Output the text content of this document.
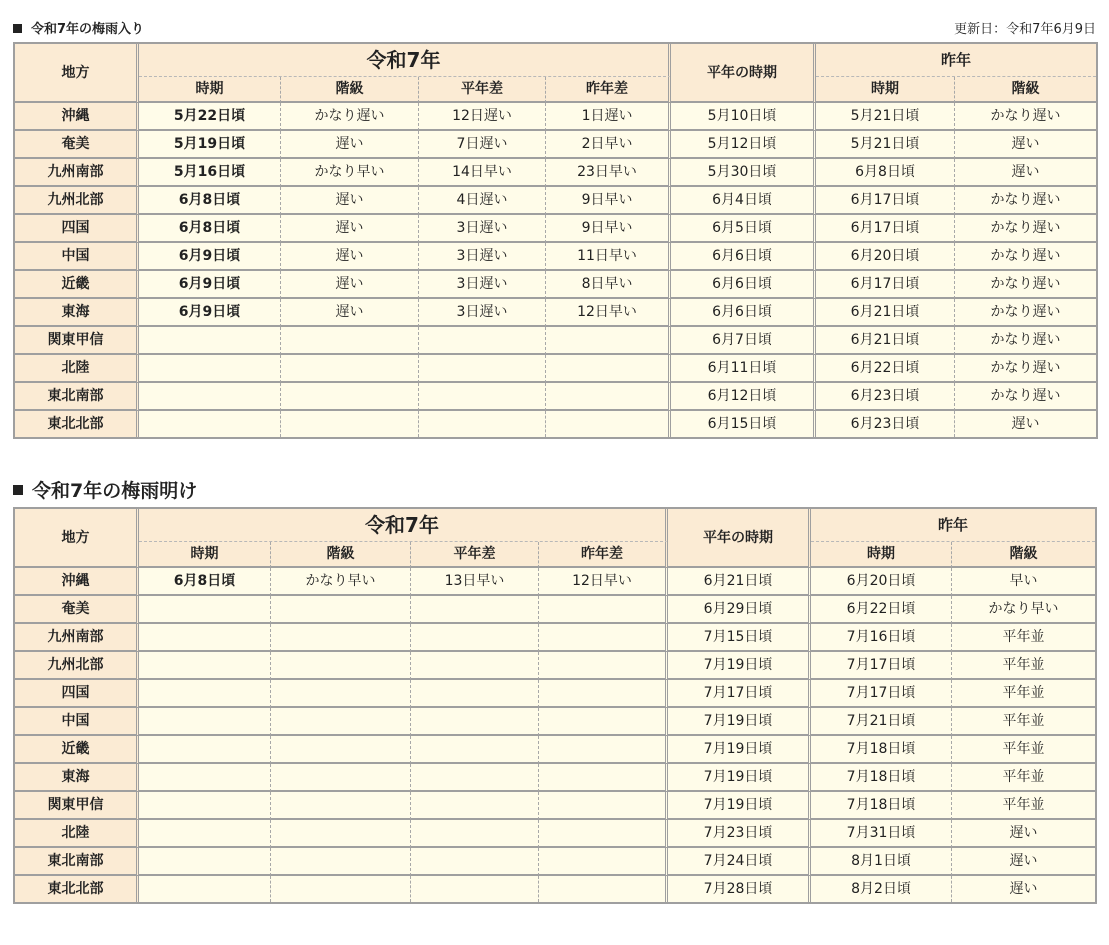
令和7年の梅雨入り	更新日：令和7年6月9日
地方	令和7年				平年の時期	昨年	
	時期	階級	平年差	昨年差		時期	階級
沖縄	5月22日頃	かなり遅い	12日遅い	1日遅い	5月10日頃	5月21日頃	かなり遅い
奄美	5月19日頃	遅い	7日遅い	2日早い	5月12日頃	5月21日頃	遅い
九州南部	5月16日頃	かなり早い	14日早い	23日早い	5月30日頃	6月8日頃	遅い
九州北部	6月8日頃	遅い	4日遅い	9日早い	6月4日頃	6月17日頃	かなり遅い
四国	6月8日頃	遅い	3日遅い	9日早い	6月5日頃	6月17日頃	かなり遅い
中国	6月9日頃	遅い	3日遅い	11日早い	6月6日頃	6月20日頃	かなり遅い
近畿	6月9日頃	遅い	3日遅い	8日早い	6月6日頃	6月17日頃	かなり遅い
東海	6月9日頃	遅い	3日遅い	12日早い	6月6日頃	6月21日頃	かなり遅い
関東甲信					6月7日頃	6月21日頃	かなり遅い
北陸					6月11日頃	6月22日頃	かなり遅い
東北南部					6月12日頃	6月23日頃	かなり遅い
東北北部					6月15日頃	6月23日頃	遅い
令和7年の梅雨明け
地方	令和7年				平年の時期	昨年	
	時期	階級	平年差	昨年差		時期	階級
沖縄	6月8日頃	かなり早い	13日早い	12日早い	6月21日頃	6月20日頃	早い
奄美					6月29日頃	6月22日頃	かなり早い
九州南部					7月15日頃	7月16日頃	平年並
九州北部					7月19日頃	7月17日頃	平年並
四国					7月17日頃	7月17日頃	平年並
中国					7月19日頃	7月21日頃	平年並
近畿					7月19日頃	7月18日頃	平年並
東海					7月19日頃	7月18日頃	平年並
関東甲信					7月19日頃	7月18日頃	平年並
北陸					7月23日頃	7月31日頃	遅い
東北南部					7月24日頃	8月1日頃	遅い
東北北部					7月28日頃	8月2日頃	遅い
